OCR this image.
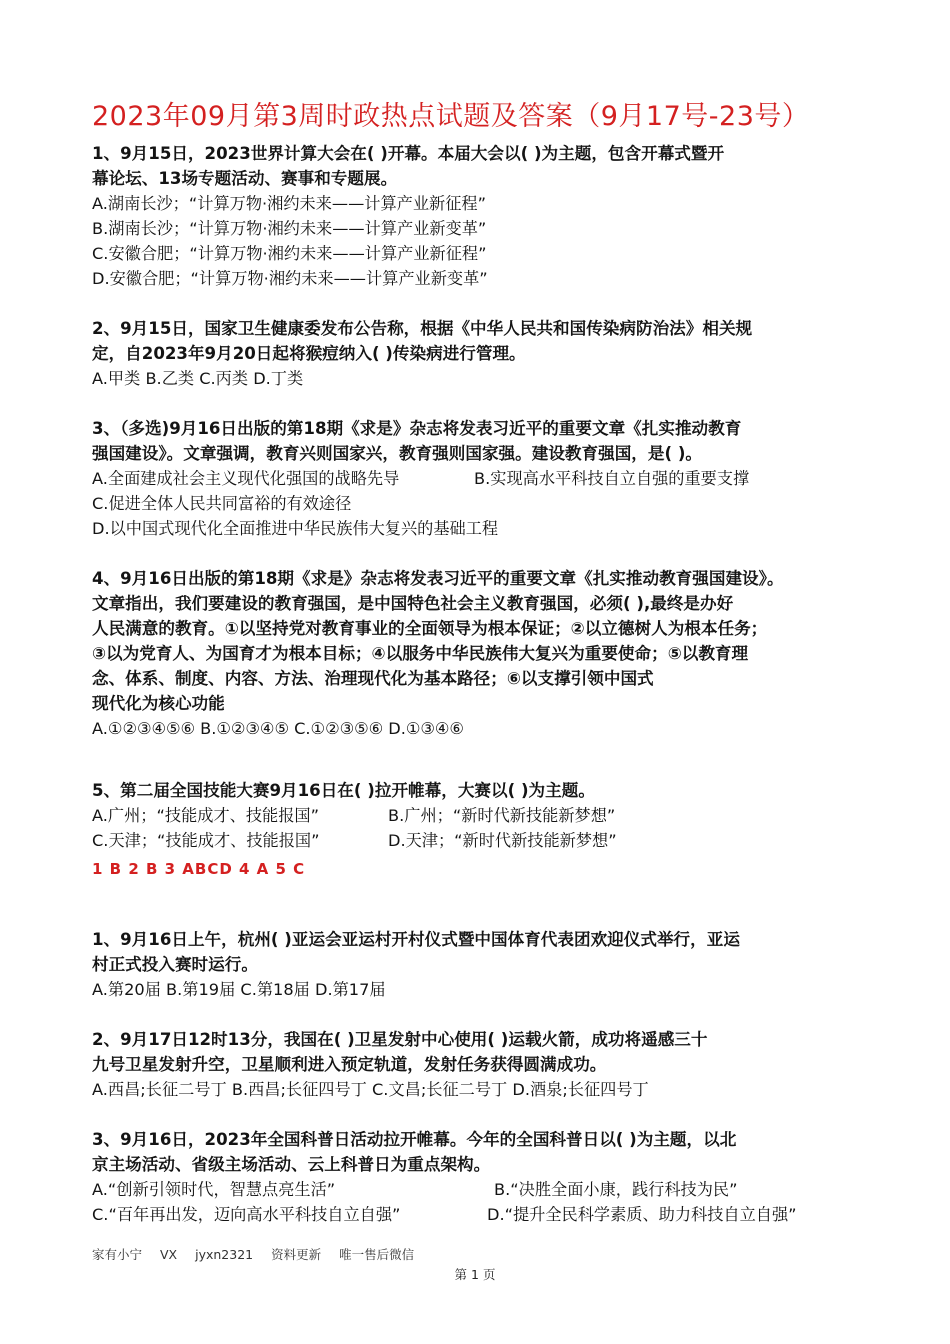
2023年09月第3周时政热点试题及答案（9月17号-23号）
1、9月15日，2023世界计算大会在( )开幕。本届大会以( )为主题，包含开幕式暨开
幕论坛、13场专题活动、赛事和专题展。
A.湖南长沙；“计算万物·湘约未来——计算产业新征程”
B.湖南长沙；“计算万物·湘约未来——计算产业新变革”
C.安徽合肥；“计算万物·湘约未来——计算产业新征程”
D.安徽合肥；“计算万物·湘约未来——计算产业新变革”
2、9月15日，国家卫生健康委发布公告称，根据《中华人民共和国传染病防治法》相关规
定，自2023年9月20日起将猴痘纳入( )传染病进行管理。
A.甲类 B.乙类 C.丙类 D.丁类
3、（多选)9月16日出版的第18期《求是》杂志将发表习近平的重要文章《扎实推动教育
强国建设》。文章强调，教育兴则国家兴，教育强则国家强。建设教育强国，是( )。
A.全面建成社会主义现代化强国的战略先导	B.实现高水平科技自立自强的重要支撑
C.促进全体人民共同富裕的有效途径
D.以中国式现代化全面推进中华民族伟大复兴的基础工程
4、9月16日出版的第18期《求是》杂志将发表习近平的重要文章《扎实推动教育强国建设》。
文章指出，我们要建设的教育强国，是中国特色社会主义教育强国，必须( ),最终是办好
人民满意的教育。①以坚持党对教育事业的全面领导为根本保证；②以立德树人为根本任务；
③以为党育人、为国育才为根本目标；④以服务中华民族伟大复兴为重要使命；⑤以教育理
念、体系、制度、内容、方法、治理现代化为基本路径；⑥以支撑引领中国式
现代化为核心功能
A.①②③④⑤⑥ B.①②③④⑤ C.①②③⑤⑥ D.①③④⑥
5、第二届全国技能大赛9月16日在( )拉开帷幕，大赛以( )为主题。
A.广州；“技能成才、技能报国”	B.广州；“新时代新技能新梦想”
C.天津；“技能成才、技能报国”	D.天津；“新时代新技能新梦想”
1 B 2 B 3 ABCD 4 A 5 C
1、9月16日上午，杭州( )亚运会亚运村开村仪式暨中国体育代表团欢迎仪式举行，亚运
村正式投入赛时运行。
A.第20届 B.第19届 C.第18届 D.第17届
2、9月17日12时13分，我国在( )卫星发射中心使用( )运载火箭，成功将遥感三十
九号卫星发射升空，卫星顺利进入预定轨道，发射任务获得圆满成功。
A.西昌;长征二号丁 B.西昌;长征四号丁 C.文昌;长征二号丁 D.酒泉;长征四号丁
3、9月16日，2023年全国科普日活动拉开帷幕。今年的全国科普日以( )为主题，以北
京主场活动、省级主场活动、云上科普日为重点架构。
A.“创新引领时代，智慧点亮生活”	B.“决胜全面小康，践行科技为民”
C.“百年再出发，迈向高水平科技自立自强”	D.“提升全民科学素质、助力科技自立自强”
家有小宁 VX jyxn2321 资料更新 唯一售后微信
第 1 页
